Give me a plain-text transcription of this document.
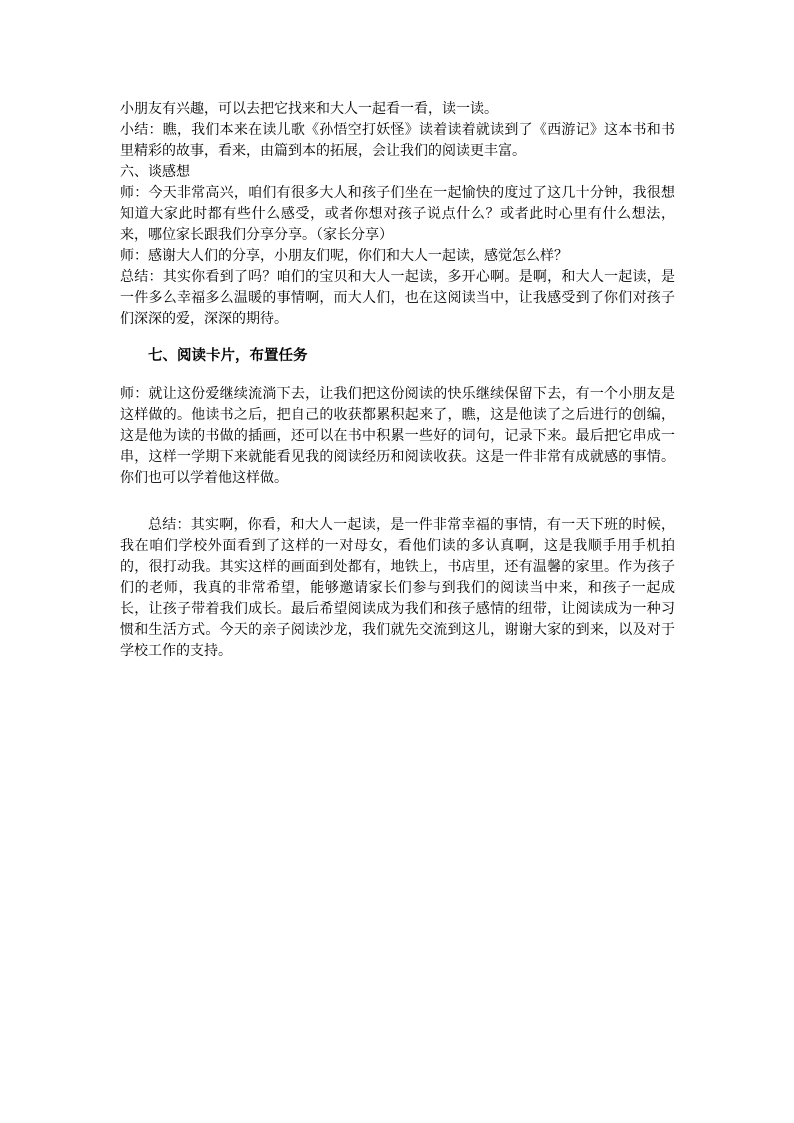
小朋友有兴趣，可以去把它找来和大人一起看一看，读一读。

小结：瞧，我们本来在读儿歌《孙悟空打妖怪》读着读着就读到了《西游记》这本书和书里精彩的故事，看来，由篇到本的拓展，会让我们的阅读更丰富。

六、谈感想

师：今天非常高兴，咱们有很多大人和孩子们坐在一起愉快的度过了这几十分钟，我很想知道大家此时都有些什么感受，或者你想对孩子说点什么？或者此时心里有什么想法，来，哪位家长跟我们分享分享。（家长分享）

师：感谢大人们的分享，小朋友们呢，你们和大人一起读，感觉怎么样？

总结：其实你看到了吗？咱们的宝贝和大人一起读，多开心啊。是啊，和大人一起读，是一件多么幸福多么温暖的事情啊，而大人们，也在这阅读当中，让我感受到了你们对孩子们深深的爱，深深的期待。

七、阅读卡片，布置任务

师：就让这份爱继续流淌下去，让我们把这份阅读的快乐继续保留下去，有一个小朋友是这样做的。他读书之后，把自己的收获都累积起来了，瞧，这是他读了之后进行的创编，这是他为读的书做的插画，还可以在书中积累一些好的词句，记录下来。最后把它串成一串，这样一学期下来就能看见我的阅读经历和阅读收获。这是一件非常有成就感的事情。你们也可以学着他这样做。

总结：其实啊，你看，和大人一起读，是一件非常幸福的事情，有一天下班的时候，我在咱们学校外面看到了这样的一对母女，看他们读的多认真啊，这是我顺手用手机拍的，很打动我。其实这样的画面到处都有，地铁上，书店里，还有温馨的家里。作为孩子们的老师，我真的非常希望，能够邀请家长们参与到我们的阅读当中来，和孩子一起成长，让孩子带着我们成长。最后希望阅读成为我们和孩子感情的纽带，让阅读成为一种习惯和生活方式。今天的亲子阅读沙龙，我们就先交流到这儿，谢谢大家的到来，以及对于学校工作的支持。
